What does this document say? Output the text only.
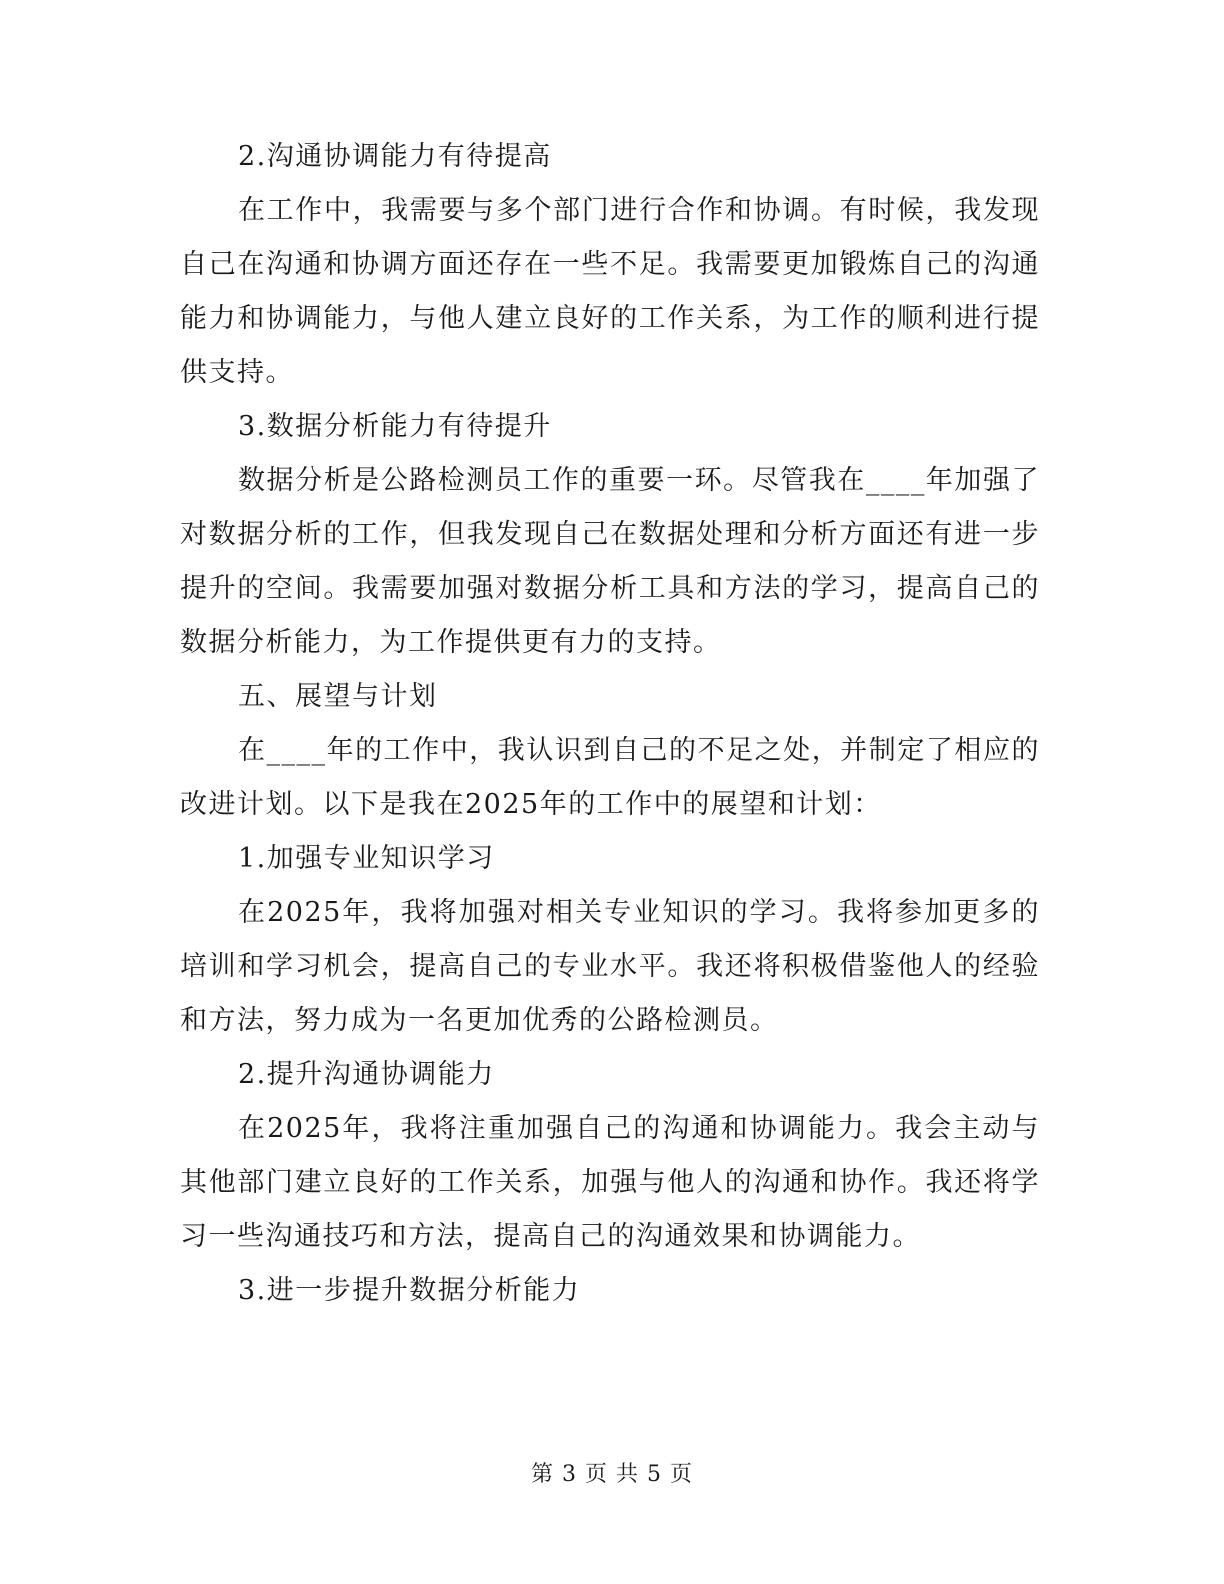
2.沟通协调能力有待提高

在工作中，我需要与多个部门进行合作和协调。有时候，我发现自己在沟通和协调方面还存在一些不足。我需要更加锻炼自己的沟通能力和协调能力，与他人建立良好的工作关系，为工作的顺利进行提供支持。

3.数据分析能力有待提升

数据分析是公路检测员工作的重要一环。尽管我在____年加强了对数据分析的工作，但我发现自己在数据处理和分析方面还有进一步提升的空间。我需要加强对数据分析工具和方法的学习，提高自己的数据分析能力，为工作提供更有力的支持。

五、展望与计划

在____年的工作中，我认识到自己的不足之处，并制定了相应的改进计划。以下是我在2025年的工作中的展望和计划：

1.加强专业知识学习

在2025年，我将加强对相关专业知识的学习。我将参加更多的培训和学习机会，提高自己的专业水平。我还将积极借鉴他人的经验和方法，努力成为一名更加优秀的公路检测员。

2.提升沟通协调能力

在2025年，我将注重加强自己的沟通和协调能力。我会主动与其他部门建立良好的工作关系，加强与他人的沟通和协作。我还将学习一些沟通技巧和方法，提高自己的沟通效果和协调能力。

3.进一步提升数据分析能力

第 3 页 共 5 页
